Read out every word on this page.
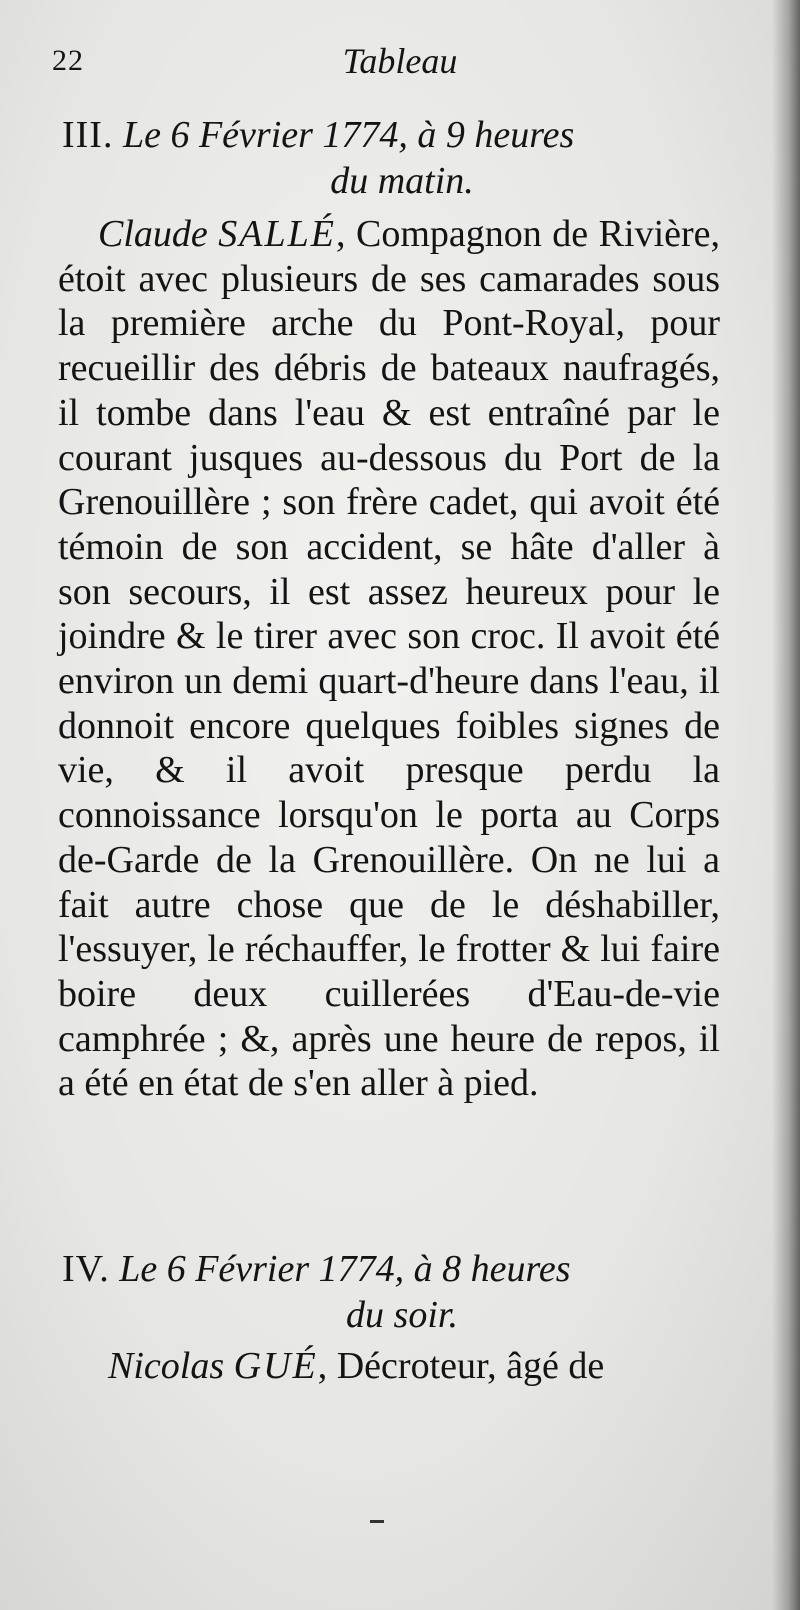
22	Tableau
III. Le 6 Février 1774, à 9 heures
du matin.
Claude SALLÉ, Compagnon de Rivière, étoit avec plusieurs de ses camarades sous la première arche du Pont-Royal, pour recueillir des débris de bateaux naufragés, il tombe dans l'eau & est entraîné par le courant jusques au-dessous du Port de la Grenouillère ; son frère cadet, qui avoit été témoin de son accident, se hâte d'aller à son secours, il est assez heureux pour le joindre & le tirer avec son croc. Il avoit été environ un demi quart-d'heure dans l'eau, il donnoit encore quelques foibles signes de vie, & il avoit presque perdu la connoissance lorsqu'on le porta au Corps de-Garde de la Grenouillère. On ne lui a fait autre chose que de le déshabiller, l'essuyer, le réchauffer, le frotter & lui faire boire deux cuillerées d'Eau-de-vie camphrée ; &, après une heure de repos, il a été en état de s'en aller à pied.
IV. Le 6 Février 1774, à 8 heures
du soir.
Nicolas GUÉ, Décroteur, âgé de
